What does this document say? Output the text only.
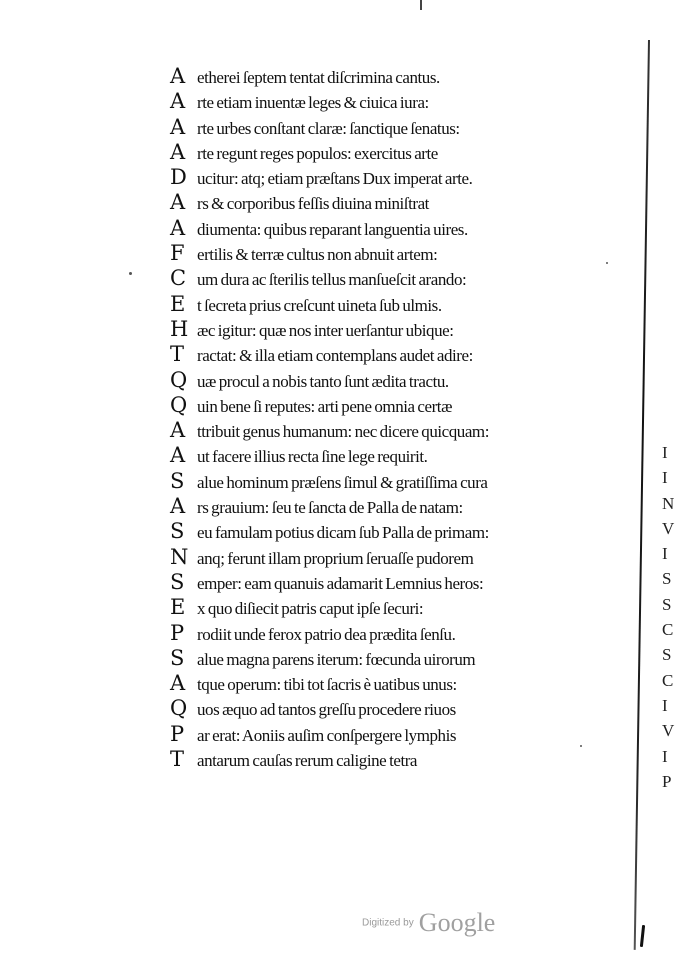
A etherei ſeptem tentat diſcrimina cantus.
A rte etiam inuentæ leges & ciuica iura:
A rte urbes conſtant claræ: ſanctique ſenatus:
A rte regunt reges populos: exercitus arte
D ucitur: atq; etiam præſtans Dux imperat arte.
A rs & corporibus feſſis diuina miniſtrat
A diumenta: quibus reparant languentia uires.
F ertilis & terræ cultus non abnuit artem:
C um dura ac ſterilis tellus manſueſcit arando:
E t ſecreta prius creſcunt uineta ſub ulmis.
H æc igitur: quæ nos inter uerſantur ubique:
T ractat: & illa etiam contemplans audet adire:
Q uæ procul a nobis tanto ſunt ædita tractu.
Q uin bene ſi reputes: arti pene omnia certæ
A ttribuit genus humanum: nec dicere quicquam:
A ut facere illius recta ſine lege requirit.
S alue hominum præſens ſimul & gratiſſima cura
A rs grauium: ſeu te ſancta de Palla de natam:
S eu famulam potius dicam ſub Palla de primam:
N anq; ferunt illam proprium ſeruaſſe pudorem
S emper: eam quanuis adamarit Lemnius heros:
E x quo diſiecit patris caput ipſe ſecuri:
P rodiit unde ferox patrio dea prædita ſenſu.
S alue magna parens iterum: fœcunda uirorum
A tque operum: tibi tot ſacris è uatibus unus:
Q uos æquo ad tantos greſſu procedere riuos
P ar erat: Aoniis auſim conſpergere lymphis
T antarum cauſas rerum caligine tetra
I
I
N
V
I
S
S
C
S
C
I
V
I
P
Digitized by Google
